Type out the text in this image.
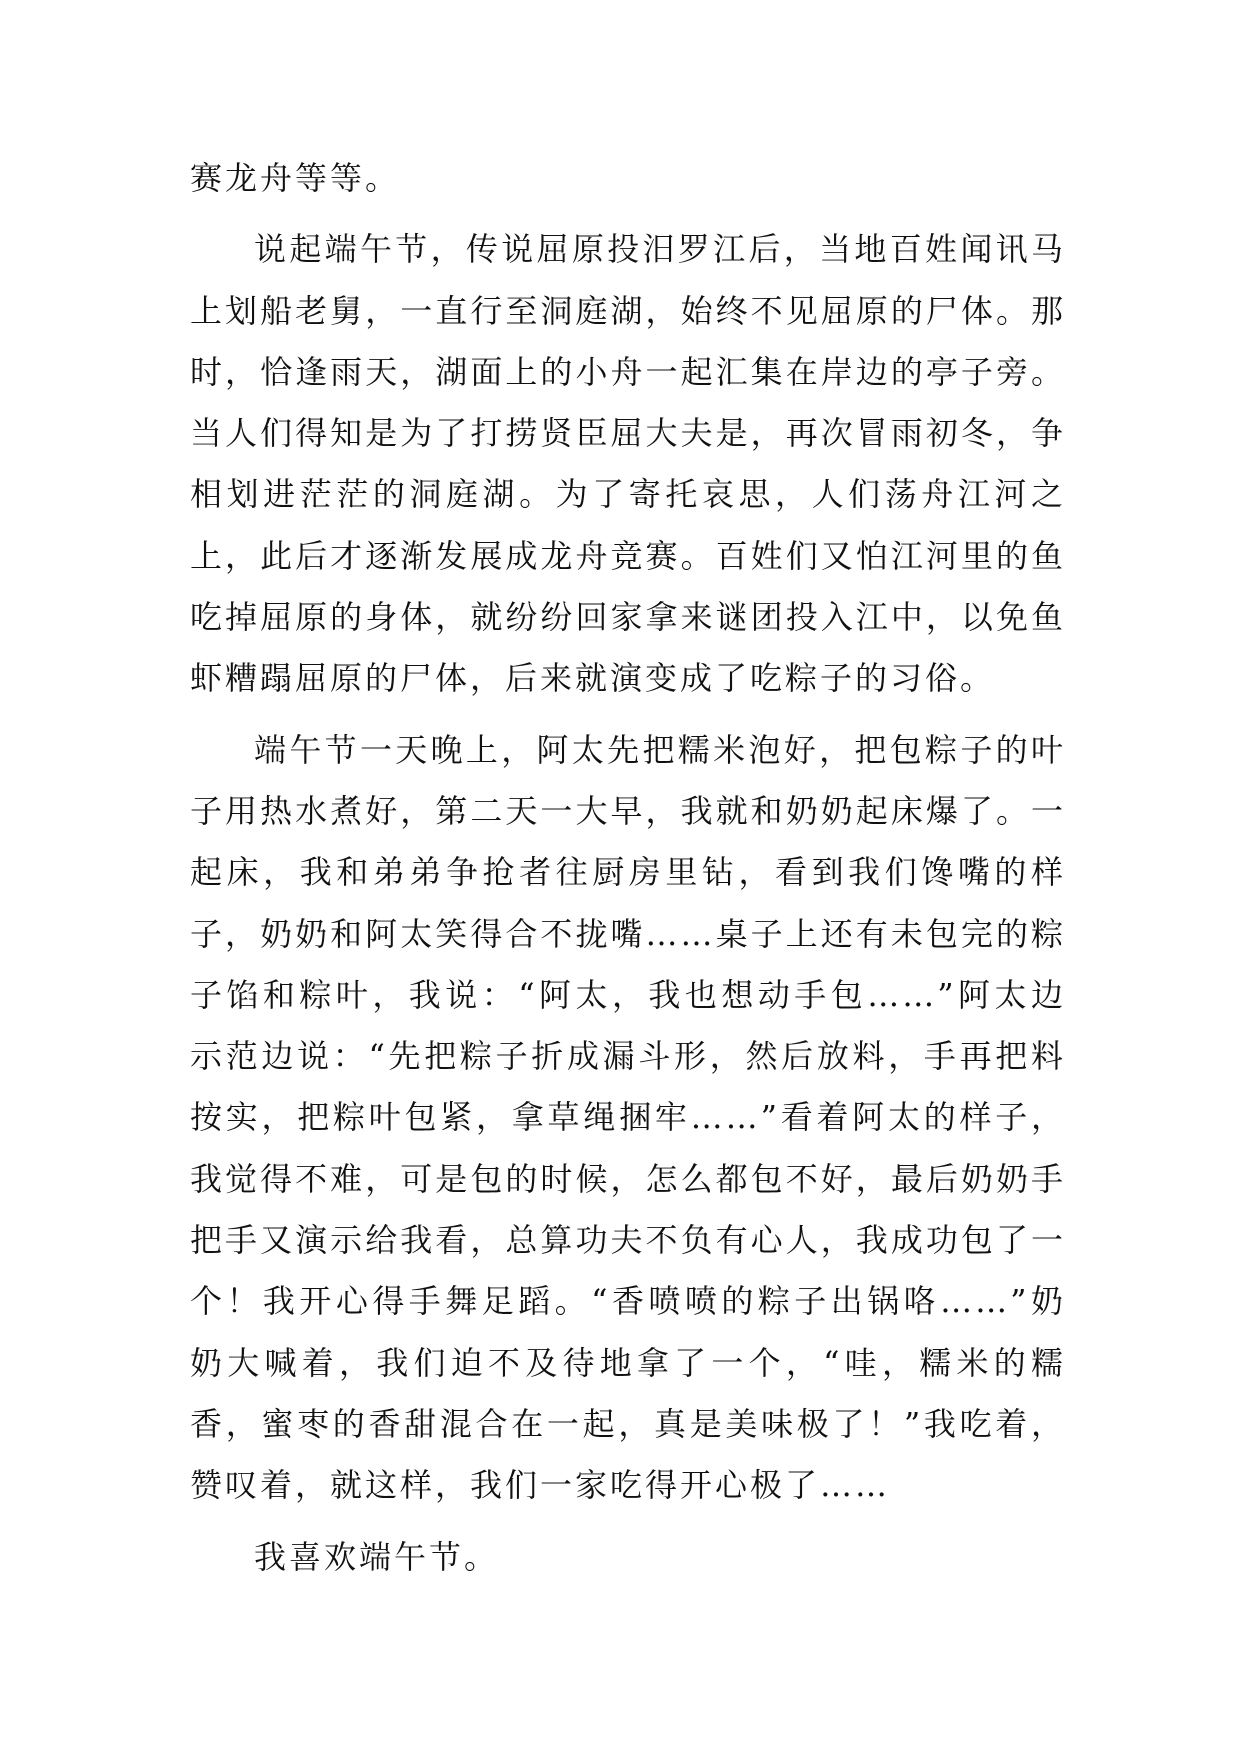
赛龙舟等等。

说起端午节，传说屈原投汨罗江后，当地百姓闻讯马上划船老舅，一直行至洞庭湖，始终不见屈原的尸体。那时，恰逢雨天，湖面上的小舟一起汇集在岸边的亭子旁。当人们得知是为了打捞贤臣屈大夫是，再次冒雨初冬，争相划进茫茫的洞庭湖。为了寄托哀思，人们荡舟江河之上，此后才逐渐发展成龙舟竞赛。百姓们又怕江河里的鱼吃掉屈原的身体，就纷纷回家拿来谜团投入江中，以免鱼虾糟蹋屈原的尸体，后来就演变成了吃粽子的习俗。

端午节一天晚上，阿太先把糯米泡好，把包粽子的叶子用热水煮好，第二天一大早，我就和奶奶起床爆了。一起床，我和弟弟争抢者往厨房里钻，看到我们馋嘴的样子，奶奶和阿太笑得合不拢嘴……桌子上还有未包完的粽子馅和粽叶，我说：“阿太，我也想动手包……”阿太边示范边说：“先把粽子折成漏斗形，然后放料，手再把料按实，把粽叶包紧，拿草绳捆牢……”看着阿太的样子，我觉得不难，可是包的时候，怎么都包不好，最后奶奶手把手又演示给我看，总算功夫不负有心人，我成功包了一个！我开心得手舞足蹈。“香喷喷的粽子出锅咯……”奶奶大喊着，我们迫不及待地拿了一个，“哇，糯米的糯香，蜜枣的香甜混合在一起，真是美味极了！”我吃着，赞叹着，就这样，我们一家吃得开心极了……

我喜欢端午节。
